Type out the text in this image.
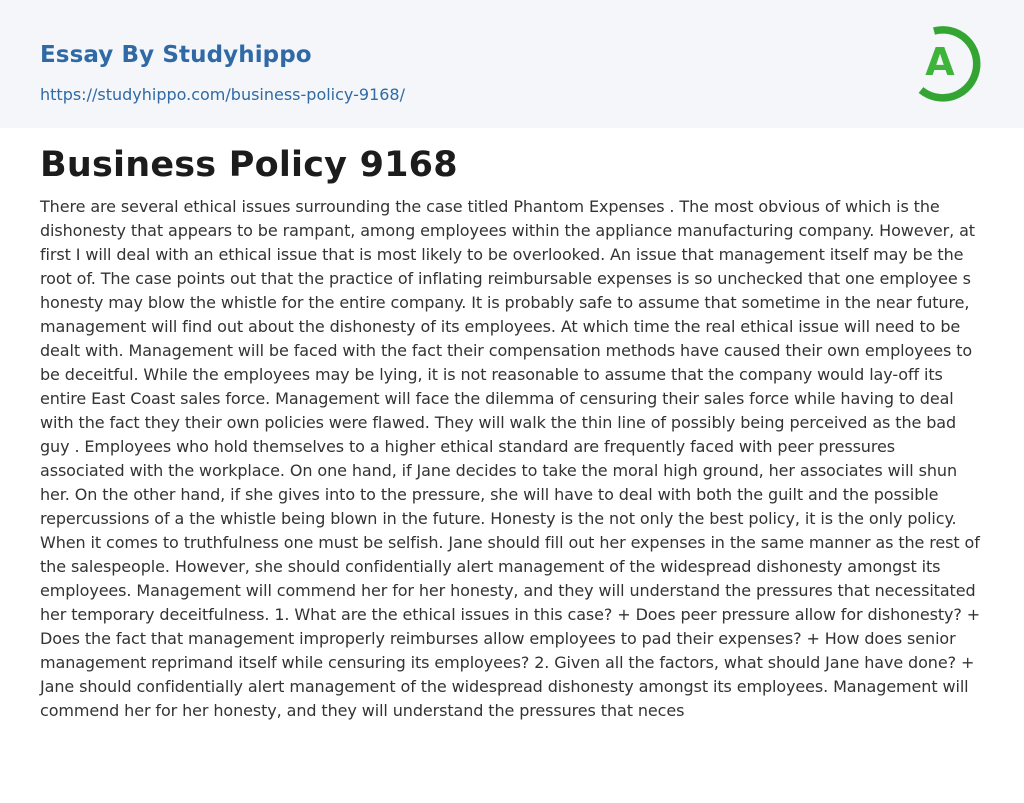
Essay By Studyhippo
https://studyhippo.com/business-policy-9168/
A
Business Policy 9168

There are several ethical issues surrounding the case titled Phantom Expenses . The most obvious of which is the dishonesty that appears to be rampant, among employees within the appliance manufacturing company. However, at first I will deal with an ethical issue that is most likely to be overlooked. An issue that management itself may be the root of. The case points out that the practice of inflating reimbursable expenses is so unchecked that one employee s honesty may blow the whistle for the entire company. It is probably safe to assume that sometime in the near future, management will find out about the dishonesty of its employees. At which time the real ethical issue will need to be dealt with. Management will be faced with the fact their compensation methods have caused their own employees to be deceitful. While the employees may be lying, it is not reasonable to assume that the company would lay-off its entire East Coast sales force. Management will face the dilemma of censuring their sales force while having to deal with the fact they their own policies were flawed. They will walk the thin line of possibly being perceived as the bad guy . Employees who hold themselves to a higher ethical standard are frequently faced with peer pressures associated with the workplace. On one hand, if Jane decides to take the moral high ground, her associates will shun her. On the other hand, if she gives into to the pressure, she will have to deal with both the guilt and the possible repercussions of a the whistle being blown in the future. Honesty is the not only the best policy, it is the only policy. When it comes to truthfulness one must be selfish. Jane should fill out her expenses in the same manner as the rest of the salespeople. However, she should confidentially alert management of the widespread dishonesty amongst its employees. Management will commend her for her honesty, and they will understand the pressures that necessitated her temporary deceitfulness. 1. What are the ethical issues in this case? + Does peer pressure allow for dishonesty? + Does the fact that management improperly reimburses allow employees to pad their expenses? + How does senior management reprimand itself while censuring its employees? 2. Given all the factors, what should Jane have done? + Jane should confidentially alert management of the widespread dishonesty amongst its employees. Management will commend her for her honesty, and they will understand the pressures that neces
